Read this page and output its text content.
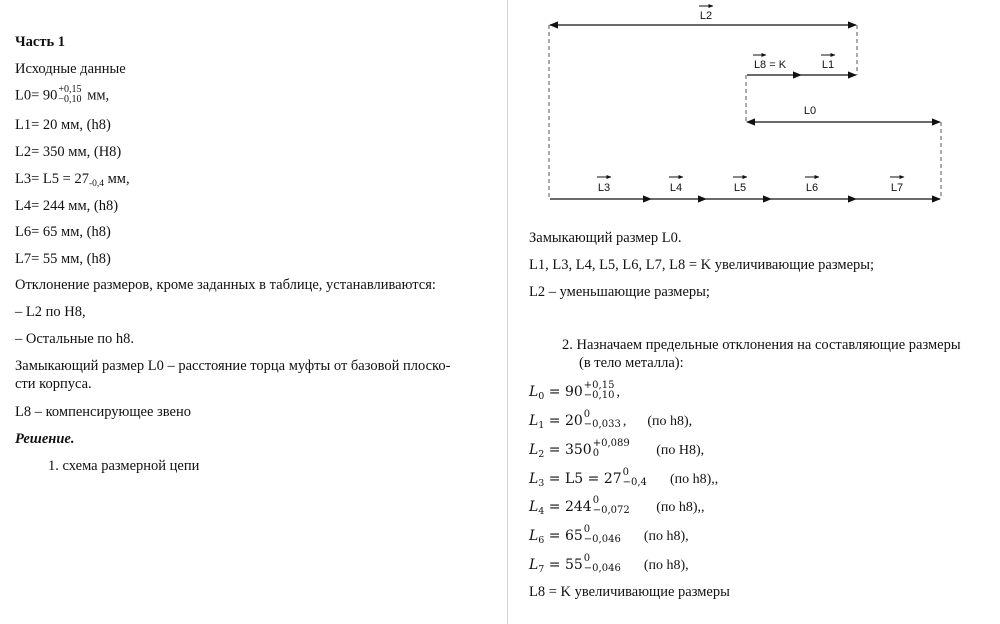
Часть 1
Исходные данные
L0= 90 +0,15
−0,10 мм,
L1= 20 мм, (h8)
L2= 350 мм, (H8)
$L3= L5 = 27_{-0,4}$ мм,
L4= 244 мм, (h8)
L6= 65 мм, (h8)
L7= 55 мм, (h8)
Отклонение размеров, кроме заданных в таблице, устанавливаются:
– L2 по H8,
– Остальные по h8.
Замыкающий размер L0 – расстояние торца муфты от базовой плоско-
сти корпуса.
L8 – компенсирующее звено
Решение.
1. схема размерной цепи
L2
L8 = K	L1
L0
L3	L4	L5	L6	L7
Замыкающий размер L0.
L1, L3, L4, L5, L6, L7, L8 = K увеличивающие размеры;
L2 – уменьшающие размеры;
2. Назначаем предельные отклонения на составляющие размеры
(в тело металла):
$L_0 = 90 +0,15$
−0,10 ,
$L_1 = 20$ 0
−0,033 ,      (по h8),
$L_2 = 350 +0,089$
0	(по H8),
$L_3 = L5 = 27$ 0
−0,4 (по h8),,
$L_4 = 244$ 0
−0,072 (по h8),,
$L_6 = 65$ 0
−0,046 (по h8),
$L_7 = 55$ 0
−0,046 (по h8),
L8 = K увеличивающие размеры
